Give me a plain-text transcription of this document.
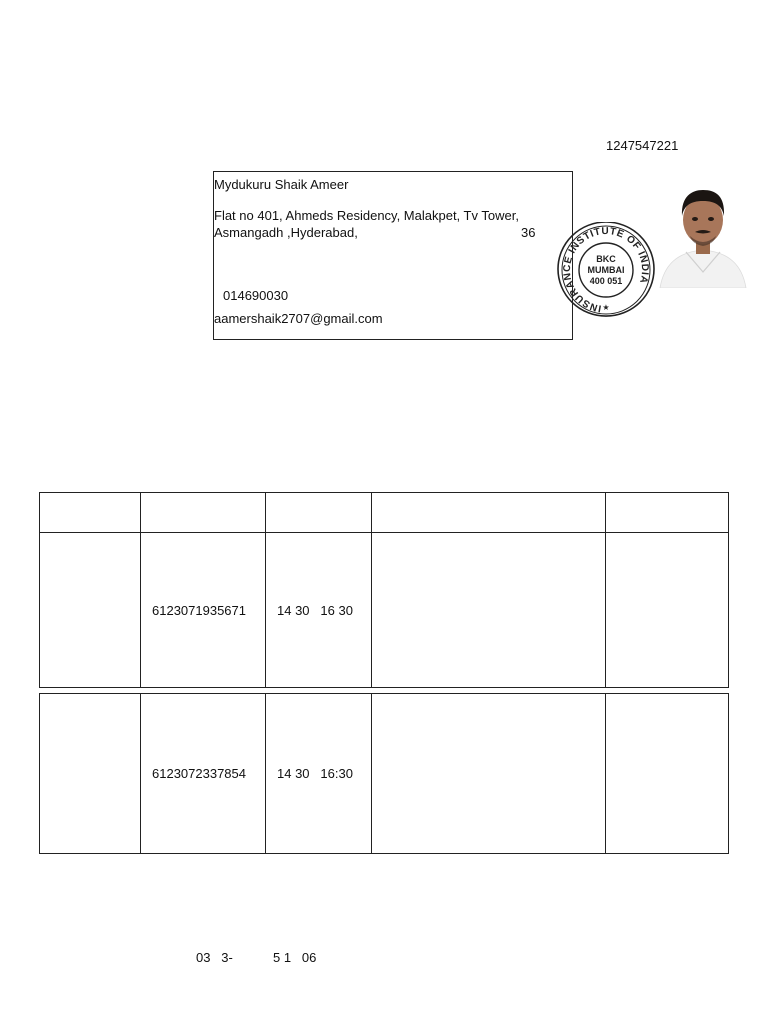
1247547221
Mydukuru Shaik Ameer
Flat no 401, Ahmeds Residency, Malakpet, Tv Tower,
Asmangadh ,Hyderabad,	36
014690030
aamershaik2707@gmail.com
INSURANCE INSTITUTE OF INDIA
BKC
MUMBAI
400 051
★

6123071935671	14 30 16 30

6123072337854	14 30 16:30

03   3-	5 1   06
